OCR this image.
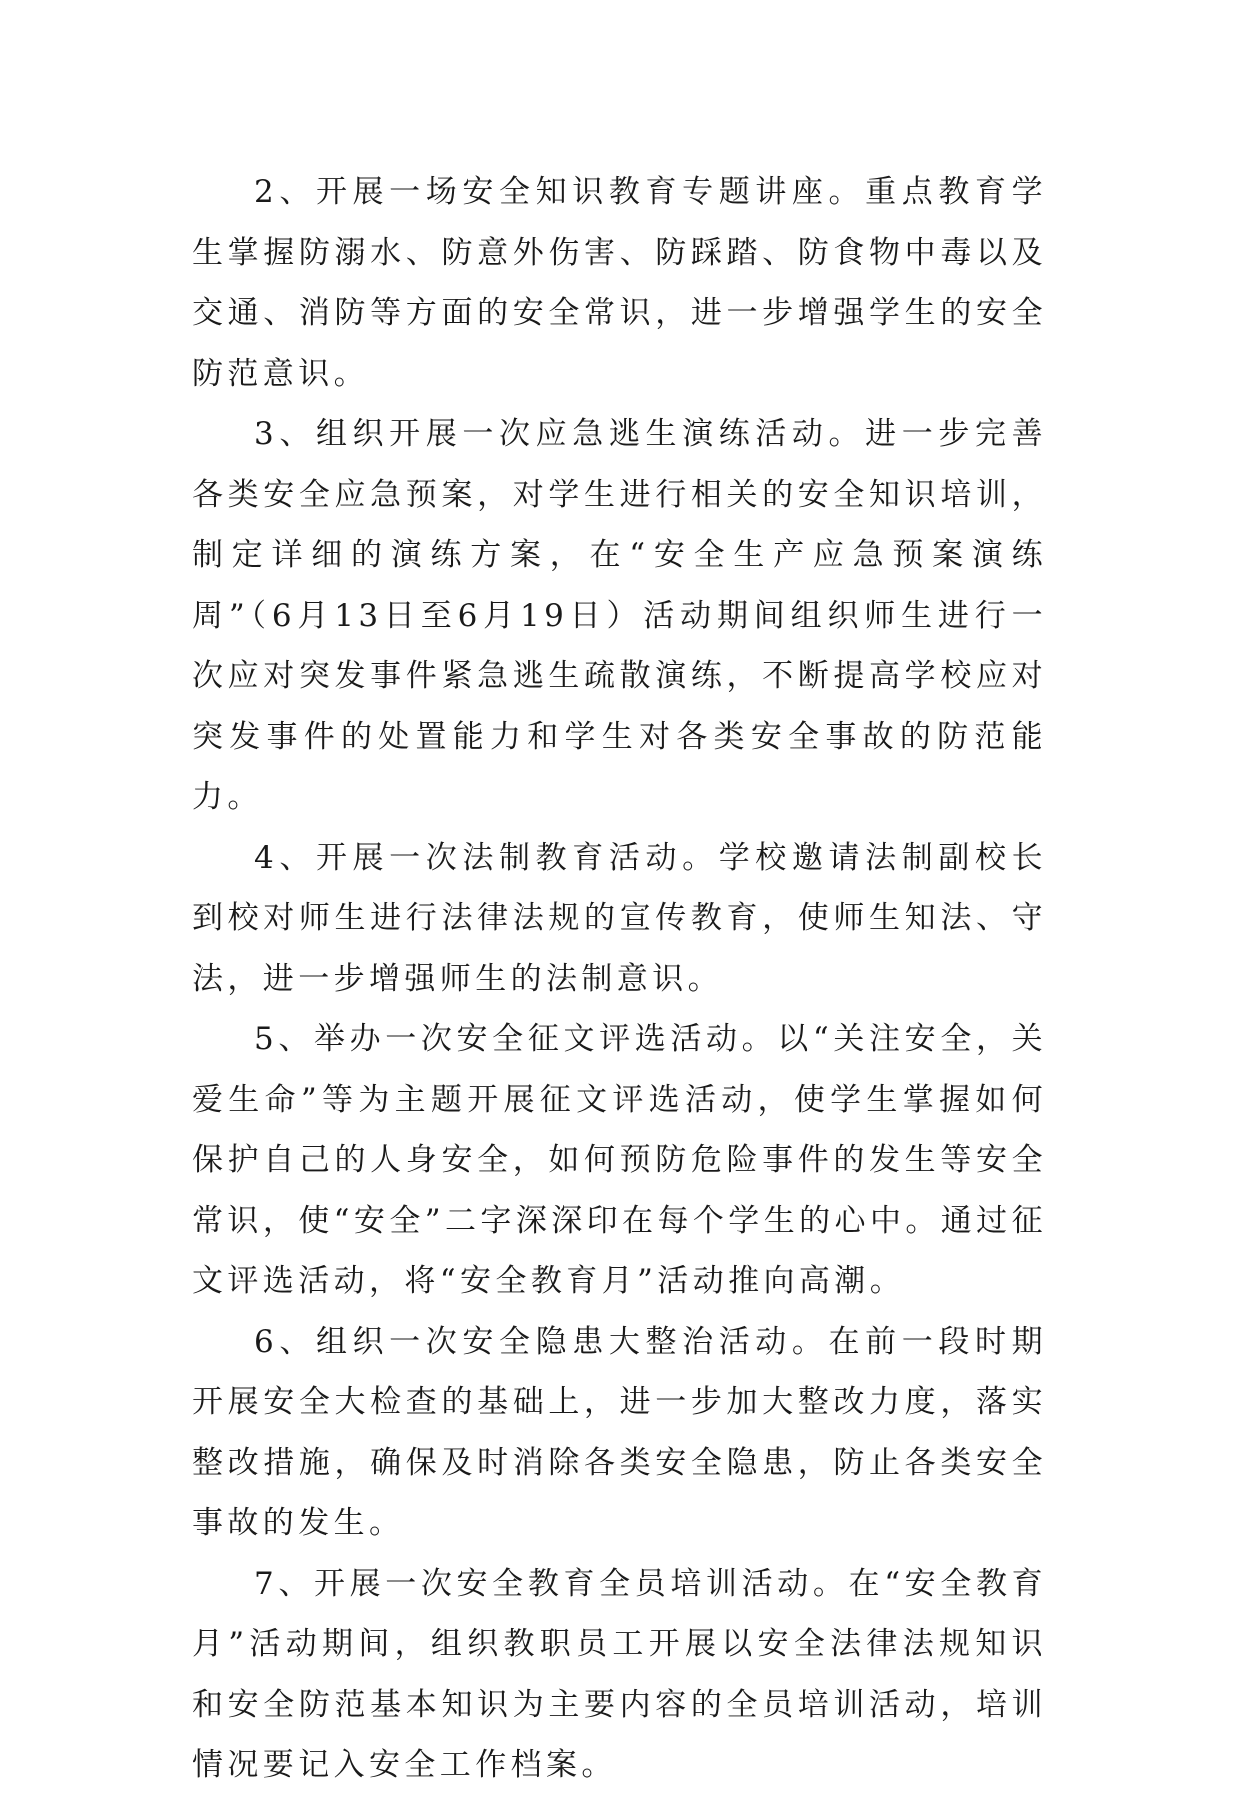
2、开展一场安全知识教育专题讲座。重点教育学生掌握防溺水、防意外伤害、防踩踏、防食物中毒以及交通、消防等方面的安全常识，进一步增强学生的安全防范意识。

3、组织开展一次应急逃生演练活动。进一步完善各类安全应急预案，对学生进行相关的安全知识培训，制定详细的演练方案，在“安全生产应急预案演练周”（6月13日至6月19日）活动期间组织师生进行一次应对突发事件紧急逃生疏散演练，不断提高学校应对突发事件的处置能力和学生对各类安全事故的防范能力。

4、开展一次法制教育活动。学校邀请法制副校长到校对师生进行法律法规的宣传教育，使师生知法、守法，进一步增强师生的法制意识。

5、举办一次安全征文评选活动。以“关注安全，关爱生命”等为主题开展征文评选活动，使学生掌握如何保护自己的人身安全，如何预防危险事件的发生等安全常识，使“安全”二字深深印在每个学生的心中。通过征文评选活动，将“安全教育月”活动推向高潮。

6、组织一次安全隐患大整治活动。在前一段时期开展安全大检查的基础上，进一步加大整改力度，落实整改措施，确保及时消除各类安全隐患，防止各类安全事故的发生。

7、开展一次安全教育全员培训活动。在“安全教育月”活动期间，组织教职员工开展以安全法律法规知识和安全防范基本知识为主要内容的全员培训活动，培训情况要记入安全工作档案。
